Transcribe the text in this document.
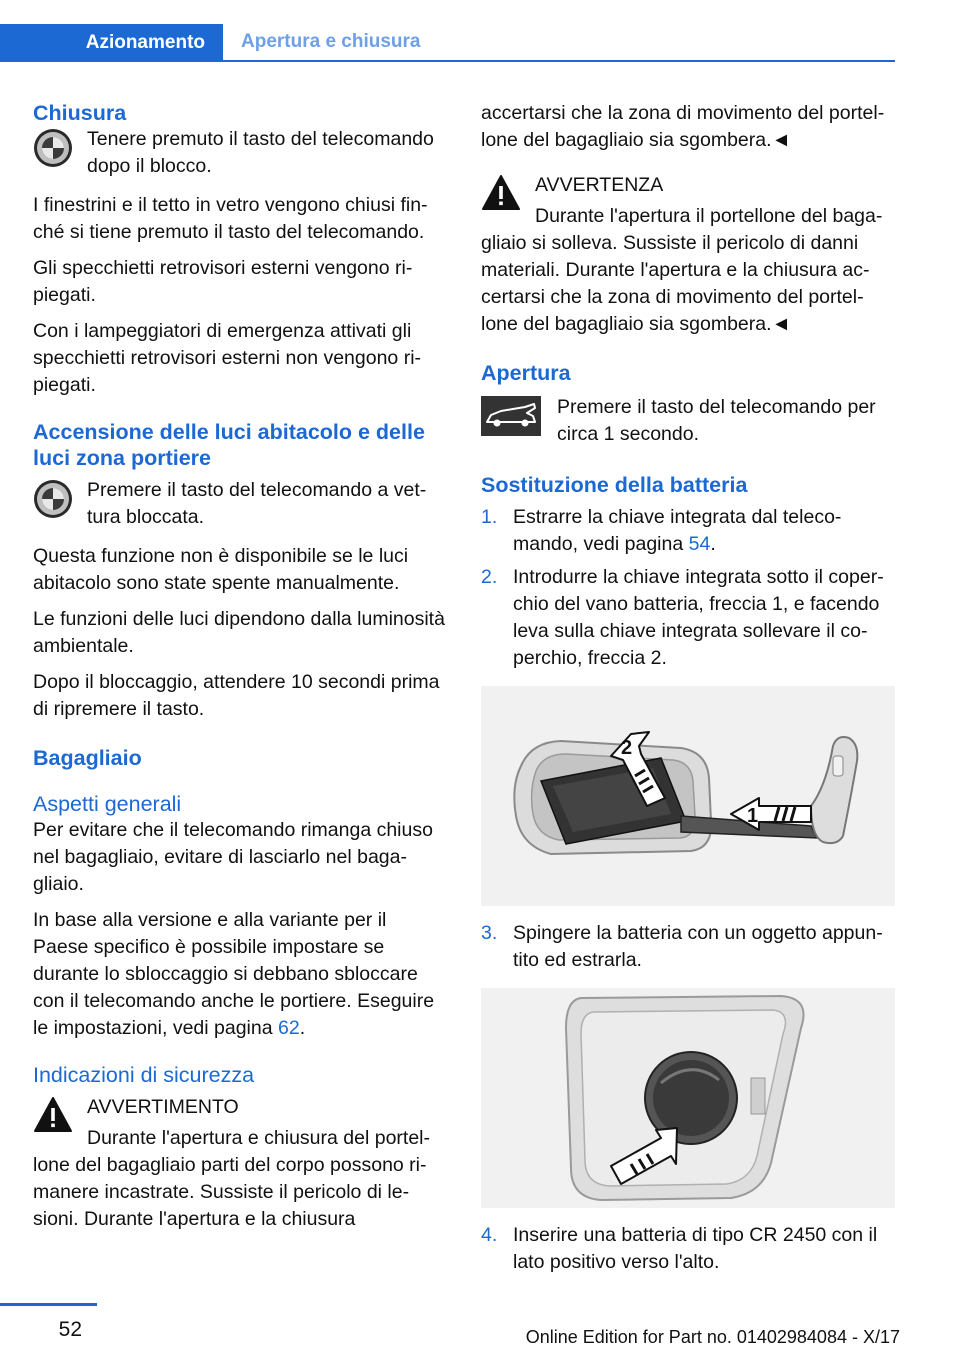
Azionamento	Apertura e chiusura
Chiusura
Tenere premuto il tasto del telecomando dopo il blocco.

I finestrini e il tetto in vetro vengono chiusi finché si tiene premuto il tasto del telecomando.

Gli specchietti retrovisori esterni vengono ripiegati.

Con i lampeggiatori di emergenza attivati gli specchietti retrovisori esterni non vengono ripiegati.

Accensione delle luci abitacolo e delle luci zona portiere
Premere il tasto del telecomando a vettura bloccata.

Questa funzione non è disponibile se le luci abitacolo sono state spente manualmente.

Le funzioni delle luci dipendono dalla luminosità ambientale.

Dopo il bloccaggio, attendere 10 secondi prima di ripremere il tasto.

Bagagliaio
Aspetti generali

Per evitare che il telecomando rimanga chiuso nel bagagliaio, evitare di lasciarlo nel bagagliaio.

In base alla versione e alla variante per il Paese specifico è possibile impostare se durante lo sbloccaggio si debbano sbloccare con il telecomando anche le portiere. Eseguire le impostazioni, vedi pagina 62.

Indicazioni di sicurezza
AVVERTIMENTO
Durante l'apertura e chiusura del portellone del bagagliaio parti del corpo possono rimanere incastrate. Sussiste il pericolo di lesioni. Durante l'apertura e la chiusura

accertarsi che la zona di movimento del portellone del bagagliaio sia sgombera.◄

AVVERTENZA
Durante l'apertura il portellone del bagagliaio si solleva. Sussiste il pericolo di danni materiali. Durante l'apertura e la chiusura accertarsi che la zona di movimento del portellone del bagagliaio sia sgombera.◄
Apertura
Premere il tasto del telecomando per circa 1 secondo.
Sostituzione della batteria
1. Estrarre la chiave integrata dal telecomando, vedi pagina 54.
2. Introdurre la chiave integrata sotto il coperchio del vano batteria, freccia 1, e facendo leva sulla chiave integrata sollevare il coperchio, freccia 2.
1
2
3. Spingere la batteria con un oggetto appuntito ed estrarla.
4. Inserire una batteria di tipo CR 2450 con il lato positivo verso l'alto.
52	Online Edition for Part no. 01402984084 - X/17
